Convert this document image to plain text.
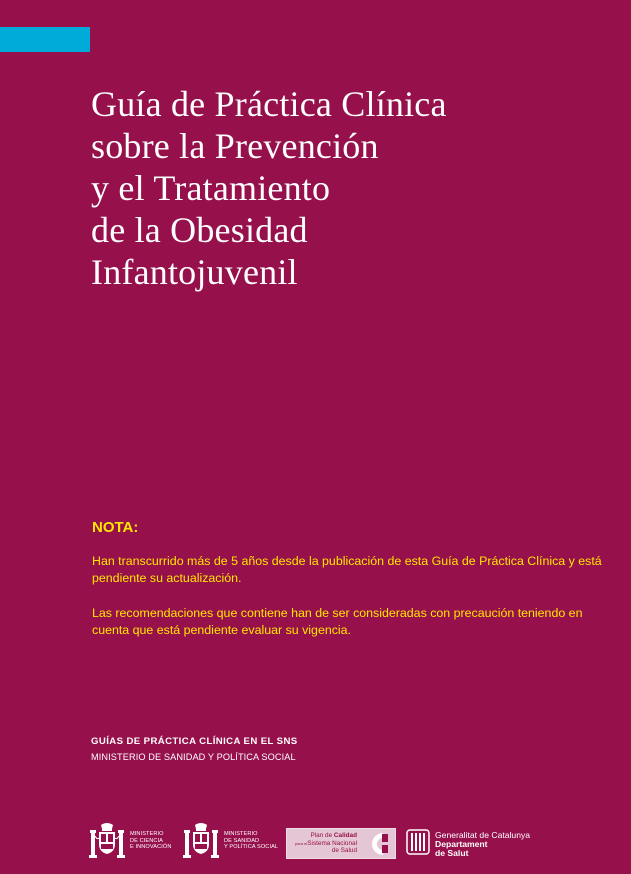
Guía de Práctica Clínica
sobre la Prevención
y el Tratamiento
de la Obesidad
Infantojuvenil
NOTA:

Han transcurrido más de 5 años desde la publicación de esta Guía de Práctica Clínica y está pendiente su actualización.

Las recomendaciones que contiene han de ser consideradas con precaución teniendo en cuenta que está pendiente evaluar su vigencia.

GUÍAS DE PRÁCTICA CLÍNICA EN EL SNS
MINISTERIO DE SANIDAD Y POLÍTICA SOCIAL
MINISTERIO
DE CIENCIA
E INNOVACIÓN
MINISTERIO
DE SANIDAD
Y POLÍTICA SOCIAL
Plan de Calidad
para elSistema Nacional
de Salud
Generalitat de Catalunya
Departament
de Salut
